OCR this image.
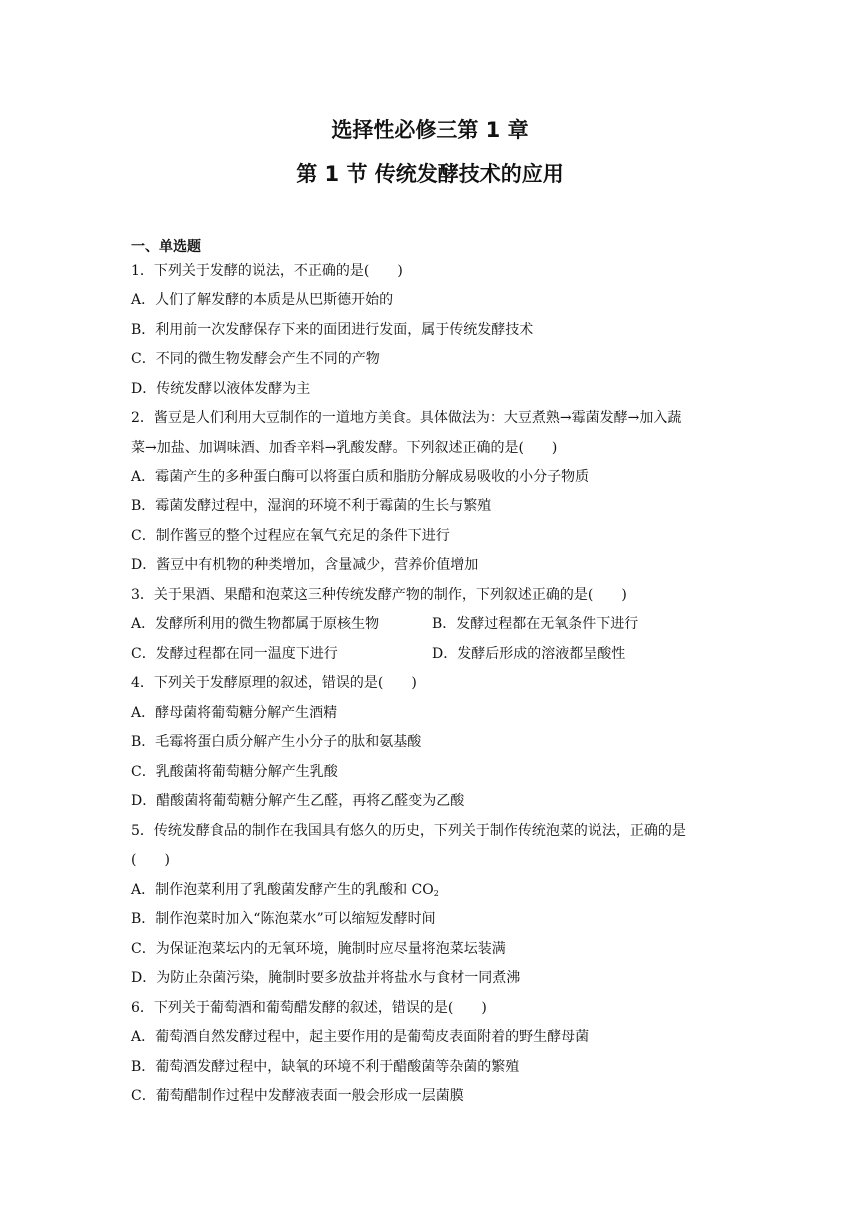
选择性必修三第 1 章
第 1 节 传统发酵技术的应用
一、单选题
1．下列关于发酵的说法，不正确的是(　　)
A．人们了解发酵的本质是从巴斯德开始的
B．利用前一次发酵保存下来的面团进行发面，属于传统发酵技术
C．不同的微生物发酵会产生不同的产物
D．传统发酵以液体发酵为主
2．酱豆是人们利用大豆制作的一道地方美食。具体做法为：大豆煮熟→霉菌发酵→加入蔬
菜→加盐、加调味酒、加香辛料→乳酸发酵。下列叙述正确的是(　　)
A．霉菌产生的多种蛋白酶可以将蛋白质和脂肪分解成易吸收的小分子物质
B．霉菌发酵过程中，湿润的环境不利于霉菌的生长与繁殖
C．制作酱豆的整个过程应在氧气充足的条件下进行
D．酱豆中有机物的种类增加，含量减少，营养价值增加
3．关于果酒、果醋和泡菜这三种传统发酵产物的制作，下列叙述正确的是(　　)
A．发酵所利用的微生物都属于原核生物	B．发酵过程都在无氧条件下进行
C．发酵过程都在同一温度下进行	D．发酵后形成的溶液都呈酸性
4．下列关于发酵原理的叙述，错误的是(　　)
A．酵母菌将葡萄糖分解产生酒精
B．毛霉将蛋白质分解产生小分子的肽和氨基酸
C．乳酸菌将葡萄糖分解产生乳酸
D．醋酸菌将葡萄糖分解产生乙醛，再将乙醛变为乙酸
5．传统发酵食品的制作在我国具有悠久的历史，下列关于制作传统泡菜的说法，正确的是
(　　)
A．制作泡菜利用了乳酸菌发酵产生的乳酸和 $CO_2$
B．制作泡菜时加入“陈泡菜水”可以缩短发酵时间
C．为保证泡菜坛内的无氧环境，腌制时应尽量将泡菜坛装满
D．为防止杂菌污染，腌制时要多放盐并将盐水与食材一同煮沸
6．下列关于葡萄酒和葡萄醋发酵的叙述，错误的是(　　)
A．葡萄酒自然发酵过程中，起主要作用的是葡萄皮表面附着的野生酵母菌
B．葡萄酒发酵过程中，缺氧的环境不利于醋酸菌等杂菌的繁殖
C．葡萄醋制作过程中发酵液表面一般会形成一层菌膜
